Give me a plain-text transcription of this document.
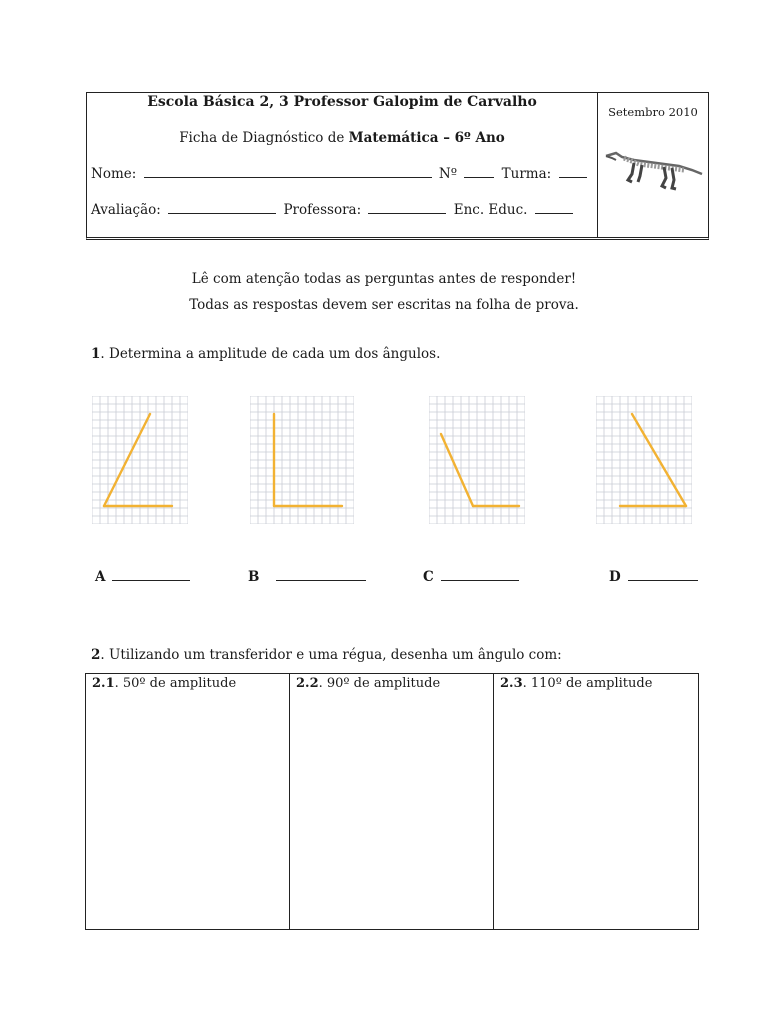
Escola Básica 2, 3 Professor Galopim de Carvalho
Ficha de Diagnóstico de Matemática – 6º Ano
Nome:	Nº	Turma:
Avaliação:	Professora:	Enc. Educ.
Setembro 2010
Lê com atenção todas as perguntas antes de responder!
Todas as respostas devem ser escritas na folha de prova.
1. Determina a amplitude de cada um dos ângulos.
A	B	C	D
2. Utilizando um transferidor e uma régua, desenha um ângulo com:
2.1. 50º de amplitude	2.2. 90º de amplitude	2.3. 110º de amplitude
